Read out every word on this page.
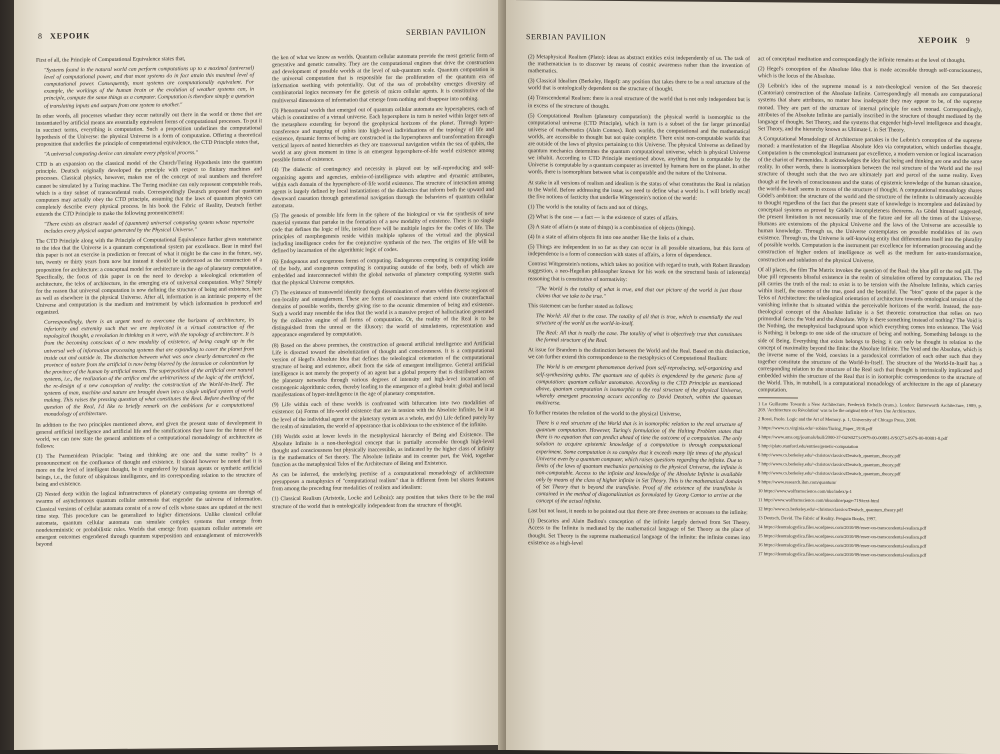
8 ХЕРОИК	SERBIAN PAVILION

First of all, the Principle of Computational Equivalence states that,

"Systems found in the natural world can perform computations up to a maximal (universal) level of computational power, and that most systems do in fact attain this maximal level of computational power. Consequently, most systems are computationally equivalent. For example, the workings of the human brain or the evolution of weather systems can, in principle, compute the same things as a computer. Computation is therefore simply a question of translating inputs and outputs from one system to another."

In other words, all processes whether they occur naturally out there in the world or those that are instantiated by artificial means are essentially equivalent forms of computational processes. To put it in succinct terms, everything is computation. Such a proposition underlines the computational hypothesis of the Universe: the physical Universe is a form of computation. Offering a theoretical proposition that underlies the principle of computational equivalence, the CTD Principle states that,

"A universal computing device can simulate every physical process."

CTD is an expansion on the classical model of the Church/Turing Hypothesis into the quantum principle. Deutsch originally developed the principle with respect to finitary machines and processes. Classical physics, however, makes use of the concept of real numbers and therefore cannot be simulated by a Turing machine. The Turing machine can only represent computable reals, which is a tiny subset of transcendental reals. Correspondingly Deutsch proposed that quantum computers may actually obey the CTD principle, assuming that the laws of quantum physics can completely describe every physical process. In his book the Fabric of Reality, Deutsch further extends the CTD Principle to make the following pronouncement:

"There exists an abstract model of (quantum) universal computing system whose repertoire includes every physical output generated by the Physical Universe."

The CTD Principle along with the Principle of Computational Equivalence further gives sustenance to the idea that the Universe is a quantum computational system par excellence. Bear in mind that this paper is not an exercise in prediction or forecast of what it might be the case in the future, say, ten, twenty or thirty years from now but instead it should be understood as the construction of a proposition for architecture: a conceptual model for architecture in the age of planetary computation. Specifically, the focus of this paper is on the need to develop a teleological orientation of architecture, the telos of architecture, in the emerging era of universal computation. Why? Simply for the reason that universal computation is now defining the structure of being and existence, here as well as elsewhere in the physical Universe. After all, information is an intrinsic property of the Universe and computation is the medium and instrument by which information is produced and organized.

Correspondingly, there is an urgent need to overcome the horizons of architecture, its inferiority and extremity such that we are implicated in a virtual construction of the topological thought, a revolution in thinking as it were, with the topology of architecture. It is from the becoming conscious of a new modality of existence, of being caught up in the universal web of information processing systems that are expanding to cover the planet from inside out and outside in. The distinction between what was once clearly demarcated as the province of nature from the artificial is now being blurred by the intrusion or colonization by the province of the human by artificial means. The superposition of the artificial over natural systems, i.e., the realization of the artifice and the arbitrariness of the logic of the artificial, the re-design of a new conception of reality: the construction of the World-in-Itself. The systems of man, machine and nature are brought down into a single unified system of world making. This raises the pressing question of what constitutes the Real. Before dwelling of the question of the Real, I'd like to briefly remark on the ambitions for a computational monadology of architecture.

In addition to the two principles mentioned above, and given the present state of development in general artificial intelligence and artificial life and the ramifications they have for the future of the world, we can now state the general ambitions of a computational monadology of architecture as follows:

(1) The Parmenidean Principle: "being and thinking are one and the same reality" is a pronouncement on the confluence of thought and existence. It should however be noted that it is more on the level of intelligent thought, be it engendered by human agents or synthetic artificial beings, i.e., the future of ubiquitous intelligence, and its corresponding relation to the structure of being and existence.

(2) Nested deep within the logical infrastructures of planetary computing systems are throngs of swarms of asynchronous quantum cellular automata that engender the universe of information. Classical versions of cellular automata consist of a row of cells whose states are updated at the next time step. This procedure can be generalized to higher dimensions. Unlike classical cellular automata, quantum cellular automata can simulate complex systems that emerge from nondeterministic or probabilistic rules. Worlds that emerge from quantum cellular automata are emergent outcomes engendered through quantum superposition and entanglement of microworlds beyond

the ken of what we know as worlds. Quantum cellular automata provide the most generic form of generative and genetic causality. They are the computational engines that drive the construction and development of possible worlds at the level of sub-quantum scale. Quantum computation is the universal computation that is responsible for the proliferation of the quantum era of information seething with potentiality. Out of the sea of probability emerges diversity of combinatorial logics necessary for the genesis of micro cellular agents. It is constitutive of the multiversal dimensions of information that emerge from nothing and disappear into nothing.

(3) Phenomenal worlds that emerged out of quantum cellular automata are hyperspheres, each of which is constitutive of a virtual universe. Each hypersphere in turn is nested within larger sets of the metasphere extending far beyond the geophysical horizons of the planet. Through hyper-transference and mapping of qubits into high-level individuations of the topology of life and existence, dynamic forms of being are constructed in the hyperspheres and transformation through vertical layers of nested hierarchies as they are transversal navigation within the sea of qubits, the world at any given moment in time is an emergent hypersphere-of-life world existence among possible forms of existence.

(4) The dialectic of contingency and necessity is played out by self-reproducing and self-organizing agents and agencies, embrio-of-intelligence with adaptive and dynamic attributes, within each domain of the hypersphere-of-life world existence. The structure of interaction among agents is largely defined by local instantiations of the dialectics that inform both the upward and downward causation through generational navigation through the behaviors of quantum cellular automata.

(5) The genesis of possible life form in the sphere of the biological or via the synthesis of new material systems that partake in the formation of a new modality of existence. There is no single code that defines the logic of life, instead there will be multiple logics for the codes of life. The principles of morphogenesis reside within multiple spheres of the virtual and the physical including intelligence codes for the conjunctive synthesis of the two. The origins of life will be defined by incarnation of the algorithmic logic of codes.

(6) Endogenous and exogenous forms of computing. Endogenous computing is computing inside of the body, and exogenous computing is computing outside of the body, both of which are embedded and interconnected within the global networks of planetary computing systems such that the physical Universe computes.

(7) The existence of transworld identity through dissemination of avatars within diverse regions of non-locality and entanglement. These are forms of coexistence that extend into counterfactual domains of possible worlds, thereby giving rise to the oceanic dimension of being and existence. Such a world may resemble the idea that the world is a massive project of hallucination generated by the collective engine of all forms of computation. Or, the reality of the Real is to be distinguished from the unreal or the illusory: the world of simulations, representation and appearance engendered by computation.

(8) Based on the above premises, the construction of general artificial intelligence and Artificial Life is directed toward the absolutization of thought and consciousness. It is a computational version of Hegel's Absolute Idea that defines the teleological orientation of the computational structure of being and existence, albeit from the side of emergent intelligence. General artificial intelligence is not merely the property of an agent but a global property that is distributed across the planetary networks through various degrees of intensity and high-level incarnation of cosmogenic algorithmic codes, thereby leading to the emergence of a global brain: global and local manifestations of hyper-intelligence in the age of planetary computation.

(9) Life within each of these worlds is confronted with bifurcation into two modalities of existence: (a) Forms of life-world existence that are in tension with the Absolute Infinite, be it at the level of the individual agent or the planetary system as a whole, and (b) Life defined purely by the realm of simulation, the world of appearance that is oblivious to the existence of the infinite.

(10) Worlds exist at lower levels in the metaphysical hierarchy of Being and Existence. The Absolute Infinite is a non-theological concept that is partially accessible through high-level thought and consciousness but physically inaccessible, as indicated by the higher class of infinity in the mathematics of Set theory. The Absolute Infinite and its counter part, the Void, together function as the metaphysical Telos of the Architecture of Being and Existence.

As can be inferred, the underlying premise of a computational monadology of architecture presupposes a metaphysics of "computational realism" that is different from but shares features from among the preceding four modalities of realism and idealism:

(1) Classical Realism (Aristotle, Locke and Leibniz): any position that takes there to be the real structure of the world that is ontologically independent from the structure of thought.

SERBIAN PAVILION	ХЕРОИК 9

(2) Metaphysical Realism (Plato): ideas as abstract entities exist independently of us. The task of the mathematician is to discover by means of cosmic awareness rather than the invention of mathematics.

(3) Classical Idealism (Berkeley, Hegel): any position that takes there to be a real structure of the world that is ontologically dependent on the structure of thought.

(4) Transcendental Realism: there is a real structure of the world that is not only independent but is in excess of the structure of thought.

(5) Computational Realism (planetary computation): the physical world is isomorphic to the computational universe (CTD Principle), which in turn is a subset of the far larger primordial universe of mathematics (Alain Connes). Both worlds, the computational and the mathematical worlds, are accessible to thought but not quite complete. There exist non-computable worlds that are outside of the laws of physics pertaining to this Universe. The physical Universe as defined by quantum mechanics determines the quantum computational universe, which is physical Universe we inhabit. According to CTD Principle mentioned above, anything that is computable by the Universe is computable by a quantum computer as invented by humans here on the planet. In other words, there is isomorphism between what is computable and the nature of the Universe.

At stake in all versions of realism and idealism is the status of what constitutes the Real in relation to the World. Before addressing the issue, we need to define what a world is. I will briefly recall the five notions of facticity that underlie Wittgenstein's notion of the world:

(1) The world is the totality of facts and not of things.

(2) What is the case — a fact — is the existence of states of affairs.

(3) A state of affairs (a state of things) is a combination of objects (things).

(4) In a state of affairs objects fit into one another like the links of a chain.

(5) Things are independent in so far as they can occur in all possible situations, but this form of independence is a form of connection with states of affairs, a form of dependence.

Contrast Wittgenstein's notions, which takes no position with regard to truth, with Robert Brandom suggestion, a neo-Hegelian philosopher known for his work on the structural basis of inferential reasoning that is constitutive of normativity:

"The World is the totality of what is true, and that our picture of the world is just those claims that we take to be true."

This statement can be further stated as follows:

The World: All that is the case. The totality of all that is true, which is essentially the real structure of the world as the world-in-itself.

The Real: All that is really the case. The totality of what is objectively true that constitutes the formal structure of the Real.

At issue for Brandom is the distinction between the World and the Real. Based on this distinction, we can further extend this correspondence to the metaphysics of Computational Realism:

The World is an emergent phenomenon derived from self-reproducing, self-organizing and self-synthesizing qubits. The quantum sea of qubits is engendered by the generic form of computation: quantum cellular automaton. According to the CTD Principle as mentioned above, quantum computation is isomorphic to the real structure of the physical Universe, whereby emergent processing occurs according to David Deutsch, within the quantum multiverse.

To further restates the relation of the world to the physical Universe,

There is a real structure of the World that is in isomorphic relation to the real structure of quantum computation. However, Turing's formulation of the Halting Problem states that there is no equation that can predict ahead of time the outcome of a computation. The only solution to acquire epistemic knowledge of a computation is through computational experiment. Some computation is so complex that it exceeds many life times of the physical Universe even by a quantum computer, which raises questions regarding the infinite. Due to limits of the laws of quantum mechanics pertaining to the physical Universe, the infinite is non-computable. Access to the infinite and knowledge of the Absolute Infinite is available only by means of the class of higher infinite in Set Theory. This is the mathematical domain of Set Theory that is beyond the transfinite. Proof of the existence of the transfinite is contained in the method of diagonalization as formulated by Georg Cantor to arrive at the concept of the actual infinite.

Last but not least, it needs to be pointed out that there are three avenues or accesses to the infinite:

(1) Descartes and Alain Badiou's conception of the infinite largely derived from Set Theory. Access to the Infinite is mediated by the mathematical language of Set Theory as the place of thought. Set Theory is the supreme mathematical language of the infinite: the infinite comes into existence as a high-level

act of conceptual meditation and correspondingly the infinite remains at the level of thought.

(2) Hegel's conception of the Absolute Idea that is made accessible through self-consciousness, which is the locus of the Absolute.

(3) Leibniz's idea of the supreme monad is a non-theological version of the Set theoretic (Cantorian) construction of the Absolute Infinite. Correspondingly all monads are computational systems that share attributes, no matter how inadequate they may appear to be, of the supreme monad. They are part of the structure of internal principle for each monad. Correspondingly, attributes of the Absolute Infinite are partially inscribed in the structure of thought mediated by the language of thought. Set Theory, and the systems that engender high-level intelligence and thought. Set Theory, and the hierarchy known as Ultimate L in Set Theory.

A Computational Monadology of Architecture partakes in the Leibniz's conception of the supreme monad: a manifestation of the Hegelian Absolute Idea via computation, which underlies thought. Computation is the cosmological instrument par excellence, a modern version or logical incarnation of the chariot of Parmenides. It acknowledges the idea that being and thinking are one and the same reality. In other words, there is isomorphism between the real structure of the World and the real structure of thought such that the two are ultimately part and parcel of the same reality. Even though at the levels of consciousness and the status of epistemic knowledge of the human situation, the world-in-itself seems in excess of the structure of thought. A computational monadology shares Gödel's ambition: the structure of the world and the structure of the infinite is ultimately accessible to thought regardless of the fact that the present state of knowledge is incomplete and delimited by conceptual systems as proved by Gödel's incompleteness theorems. As Gödel himself suggested, the present limitation is not necessarily true of the future and for all the times of the Universe. Humans are extensions of the physical Universe and the laws of the Universe are accessible to human knowledge. Through us, the Universe contemplates on possible modalities of its own existence. Through us, the Universe is self-knowing entity that differentiates itself into the plurality of possible worlds. Computation is the instrument par excellence for information processing and the construction of higher orders of intelligence as well as the medium for auto-transformation, construction and sublation of the physical Universe.

Of all places, the film The Matrix invokes the question of the Real: the blue pill or the red pill. The blue pill represents blissful existence in the realm of simulation offered by computation. The red pill carries the truth of the real: to exist is to be tension with the Absolute Infinite, which carries within itself, the essence of the true, good and the beautiful. The "bios" quote of the paper is the Telos of Architecture: the teleological orientation of architecture towards ontological tension of the vanishing infinite that is situated within the perceivable horizons of the world. Instead, the non-theological concept of the Absolute Infinite is a Set theoretic construction that relies on two primordial facts: the Void and the Absolute. Why is there something instead of nothing? The Void is the Nothing, the metaphysical background upon which everything comes into existence. The Void is Nothing; it belongs to one side of the structure of being and nothing. Something belongs to the side of Being. Everything that exists belongs to Being; it can only be thought in relation to the concept of maximality beyond the finite: the Absolute Infinite. The Void and the Absolute, which is the inverse name of the Void, coexists in a paradoxical correlation of each other such that they together constitute the structure of the World-In-Itself. The structure of the World-In-Itself has a corresponding relation to the structure of the Real such that thought is intrinsically implicated and embedded within the structure of the Real that is in isomorphic correspondence to the structure of the World. This, in nutshell, is a computational monadology of architecture in the age of planetary computation.

1 Lo Guillaume Towards a New Architecture, Frederick Etchells (trans.). London: Butterworth Architecture, 1989, p. 269. 'Architecture ou Révolution' was to be the original title of Vers Une Architecture.

2 Rossi, Paolo. Logic and the Art of Memory. p. 1, University of Chicago Press, 2000.

3 https://www.cs.virginia.edu/~robins/Turing_Paper_1936.pdf

4 https://www.ams.org/journals/bull/2000-37-04/S0273-0979-00-00881-8/S0273-0979-00-00881-8.pdf

5 http://plato.stanford.edu/entries/genetic-computation

6 http://www.cs.berkeley.edu/~christos/classics/Deutsch_quantum_theory.pdf

7 http://www.cs.berkeley.edu/~christos/classics/Deutsch_quantum_theory.pdf

8 http://www.cs.berkeley.edu/~christos/classics/Deutsch_quantum_theory.pdf

9 https://www.research.ibm.com/quantum/

10 https://www.wolframscience.com/nks/index/p-1

11 http://www.wolframscience.com/nksonline/page-719/text-html

12 http://www.cs.berkeley.edu/~christos/classics/Deutsch_quantum_theory.pdf

13 Deutsch, David. The Fabric of Reality. Penguin Books, 1997.

14 https://deontologydica.files.wordpress.com/2010/09/esser-on-transcendental-realism.pdf

15 https://deontologydica.files.wordpress.com/2010/09/esser-on-transcendental-realism.pdf

16 https://deontologydica.files.wordpress.com/2010/09/esser-on-transcendental-realism.pdf

17 https://deontologydica.files.wordpress.com/2010/09/esser-on-transcendental-realism.pdf
